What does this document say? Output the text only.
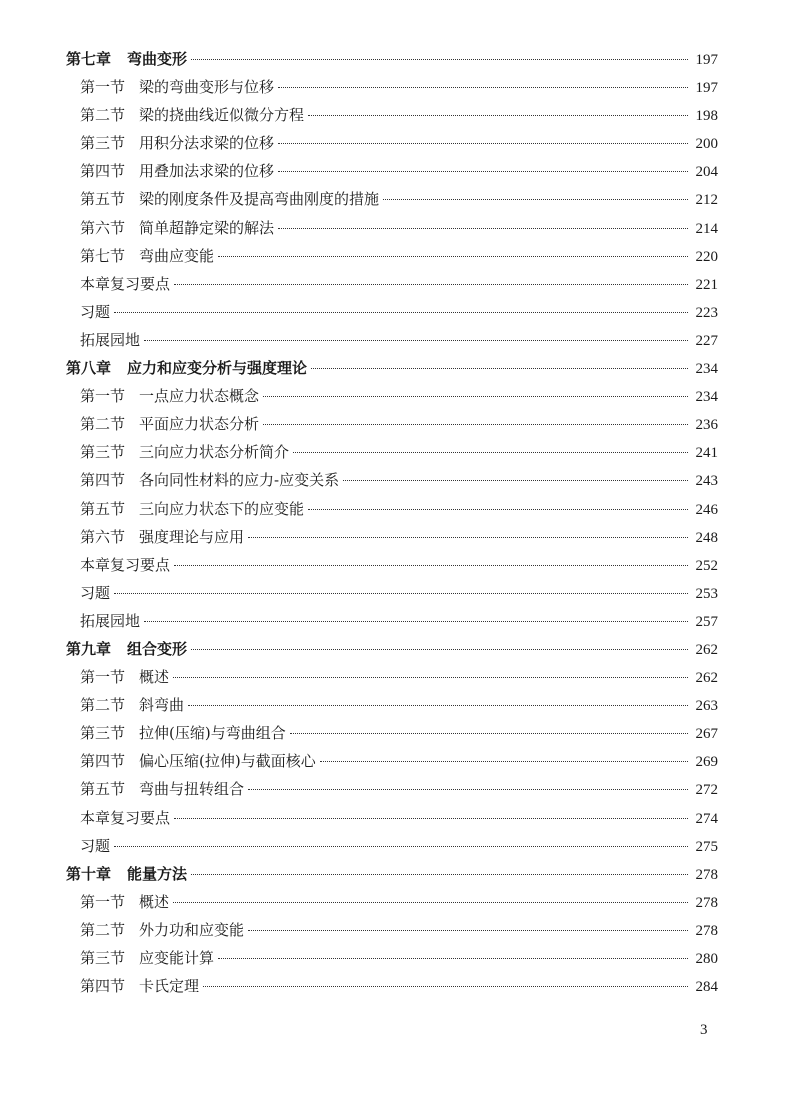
第七章 弯曲变形	197
第一节 梁的弯曲变形与位移	197
第二节 梁的挠曲线近似微分方程	198
第三节 用积分法求梁的位移	200
第四节 用叠加法求梁的位移	204
第五节 梁的刚度条件及提高弯曲刚度的措施	212
第六节 简单超静定梁的解法	214
第七节 弯曲应变能	220
本章复习要点	221
习题	223
拓展园地	227
第八章 应力和应变分析与强度理论	234
第一节 一点应力状态概念	234
第二节 平面应力状态分析	236
第三节 三向应力状态分析简介	241
第四节 各向同性材料的应力-应变关系	243
第五节 三向应力状态下的应变能	246
第六节 强度理论与应用	248
本章复习要点	252
习题	253
拓展园地	257
第九章 组合变形	262
第一节 概述	262
第二节 斜弯曲	263
第三节 拉伸(压缩)与弯曲组合	267
第四节 偏心压缩(拉伸)与截面核心	269
第五节 弯曲与扭转组合	272
本章复习要点	274
习题	275
第十章 能量方法	278
第一节 概述	278
第二节 外力功和应变能	278
第三节 应变能计算	280
第四节 卡氏定理	284
3
